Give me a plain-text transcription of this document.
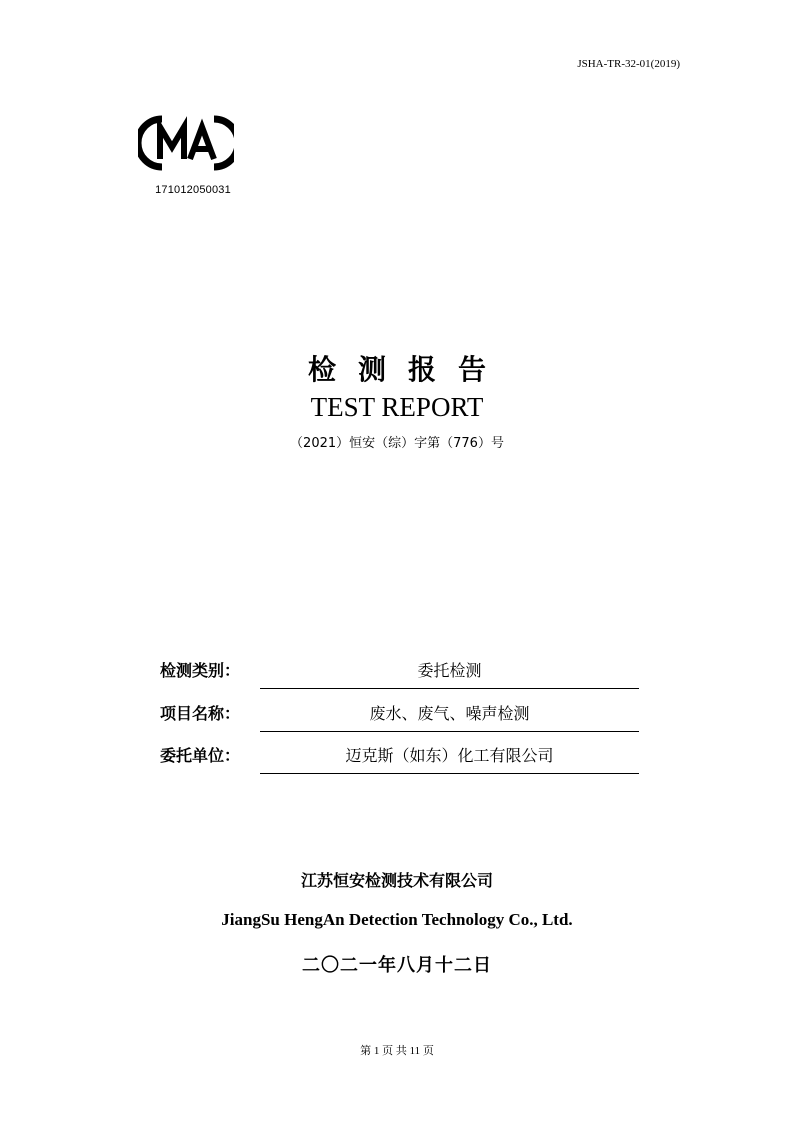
JSHA-TR-32-01(2019)
171012050031
检测报告
TEST REPORT
（2021）恒安（综）字第（776）号
检测类别：	委托检测
项目名称：	废水、废气、噪声检测
委托单位：	迈克斯（如东）化工有限公司
江苏恒安检测技术有限公司
JiangSu HengAn Detection Technology Co., Ltd.
二〇二一年八月十二日
第 1 页 共 11 页
